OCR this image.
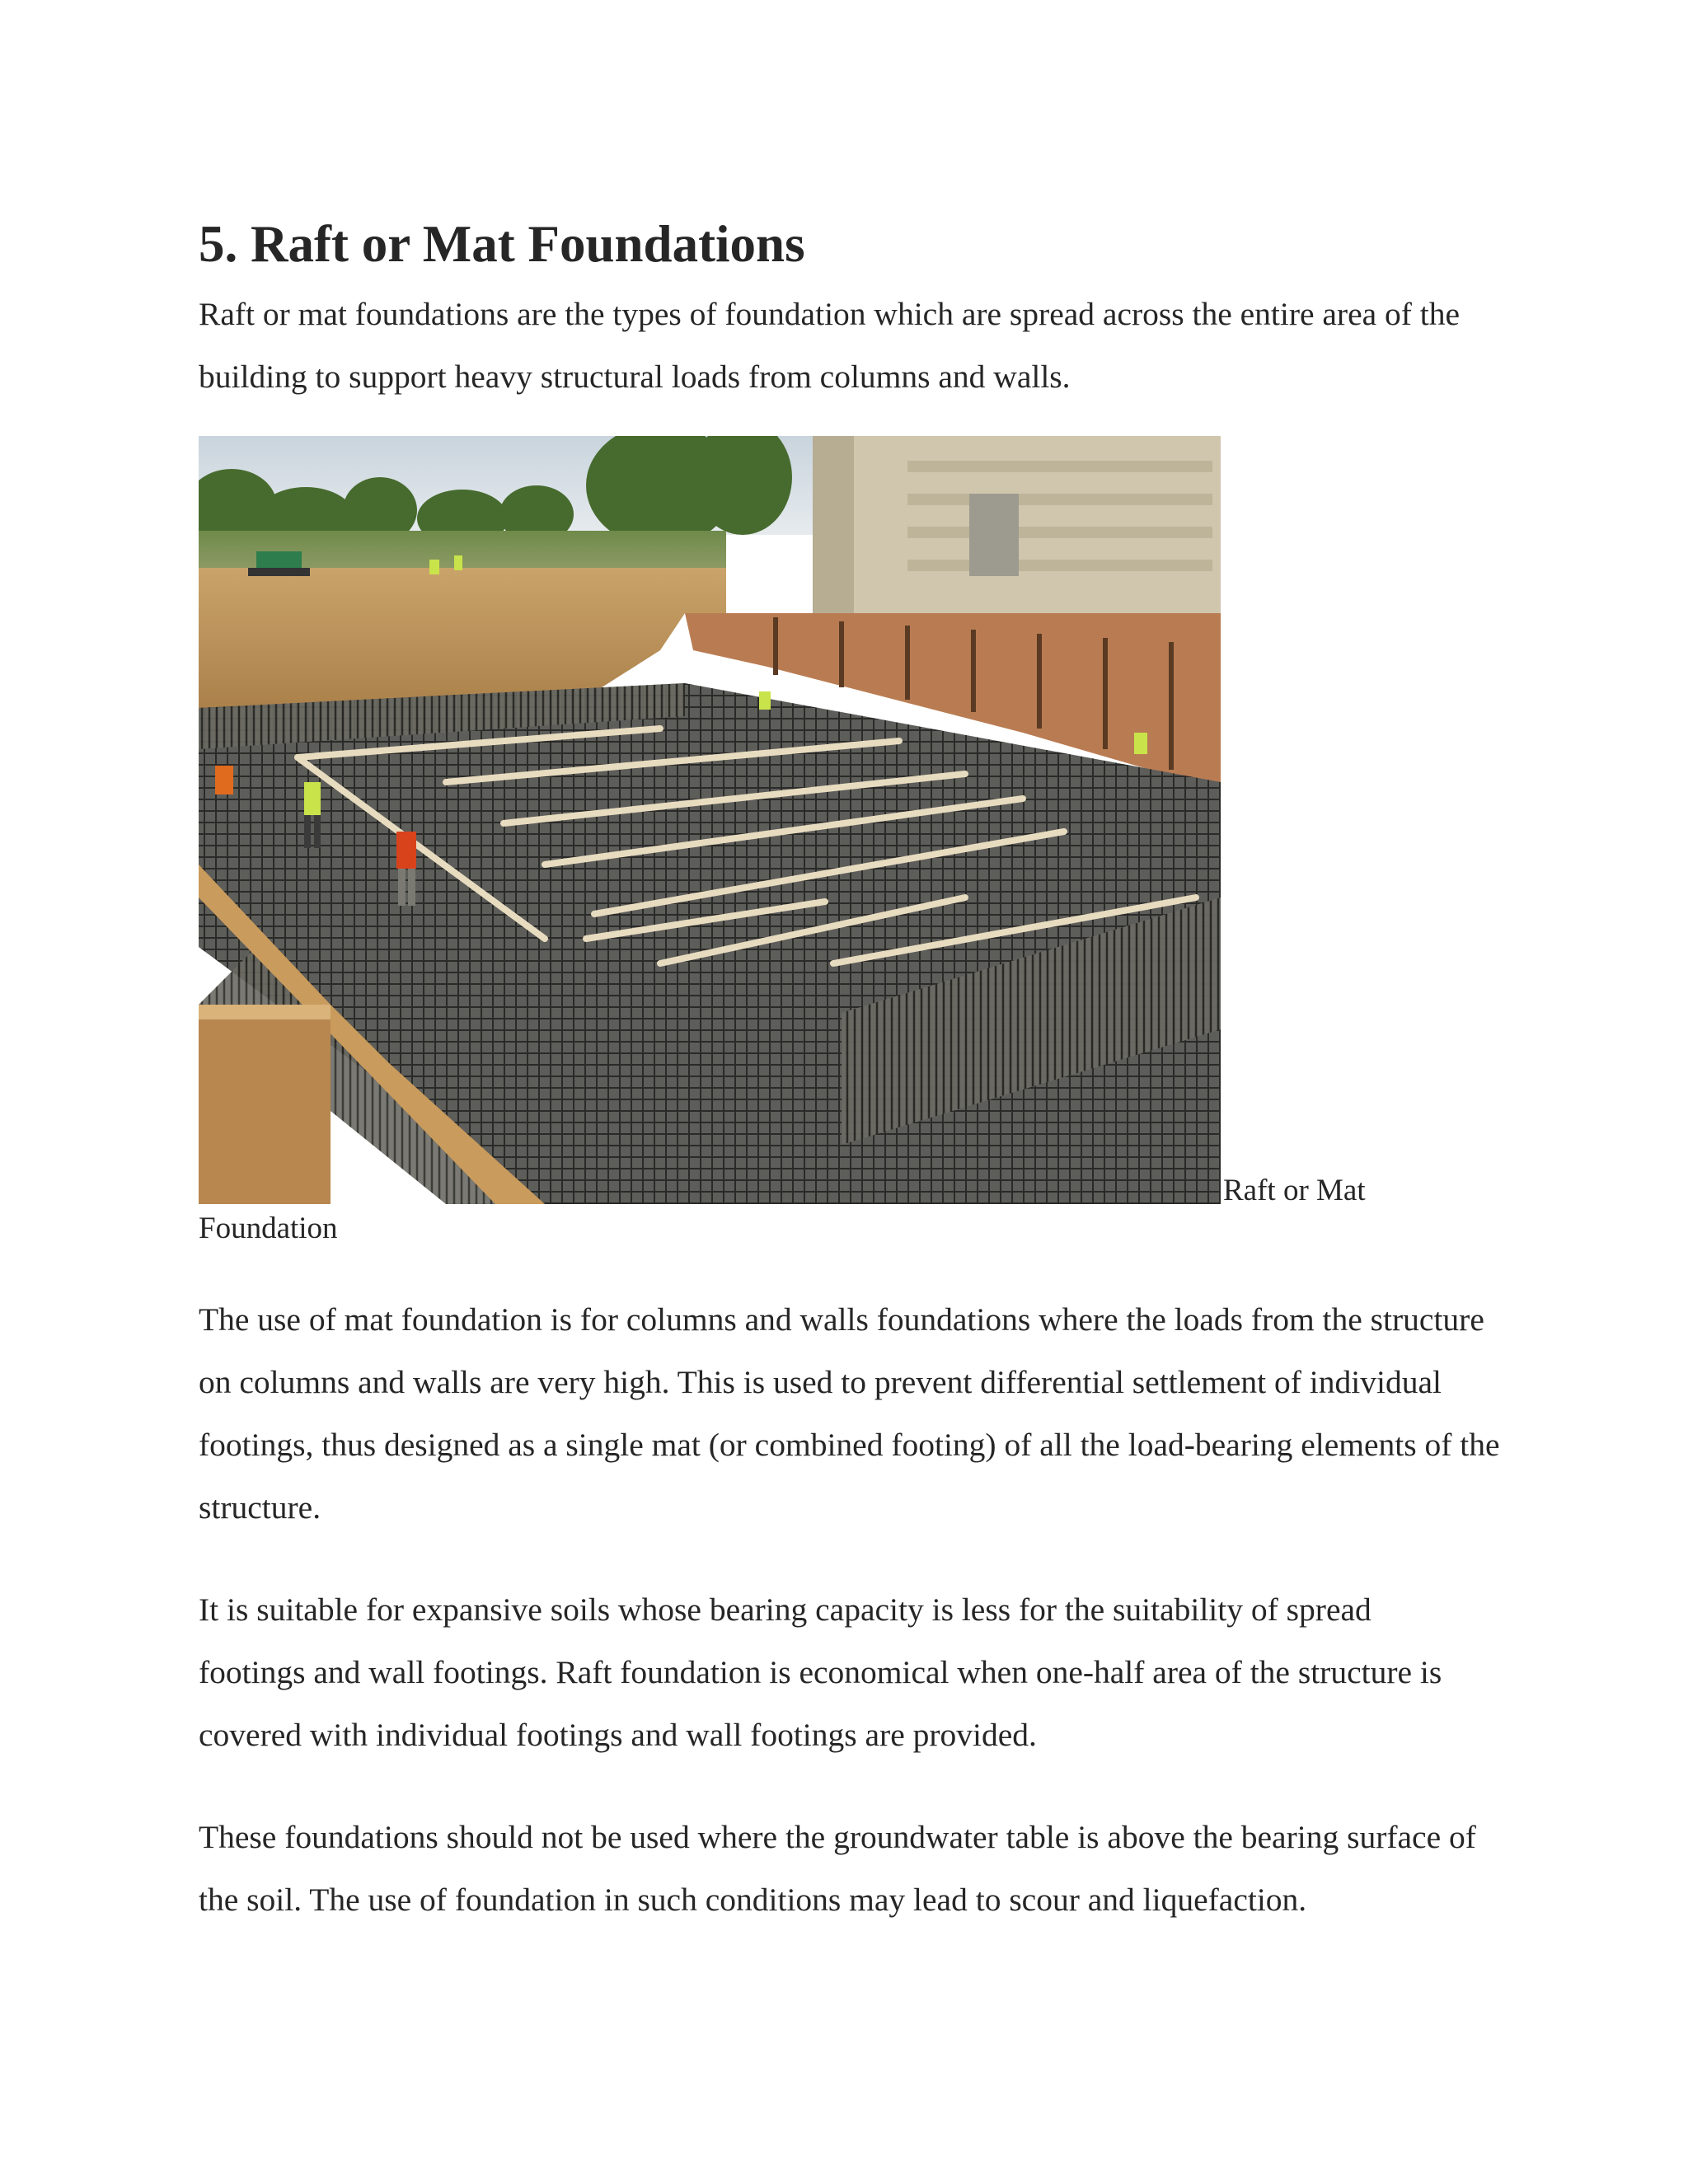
5. Raft or Mat Foundations

Raft or mat foundations are the types of foundation which are spread across the entire area of the building to support heavy structural loads from columns and walls.

Raft or Mat
Foundation

The use of mat foundation is for columns and walls foundations where the loads from the structure on columns and walls are very high. This is used to prevent differential settlement of individual footings, thus designed as a single mat (or combined footing) of all the load-bearing elements of the structure.

It is suitable for expansive soils whose bearing capacity is less for the suitability of spread footings and wall footings. Raft foundation is economical when one-half area of the structure is covered with individual footings and wall footings are provided.

These foundations should not be used where the groundwater table is above the bearing surface of the soil. The use of foundation in such conditions may lead to scour and liquefaction.
